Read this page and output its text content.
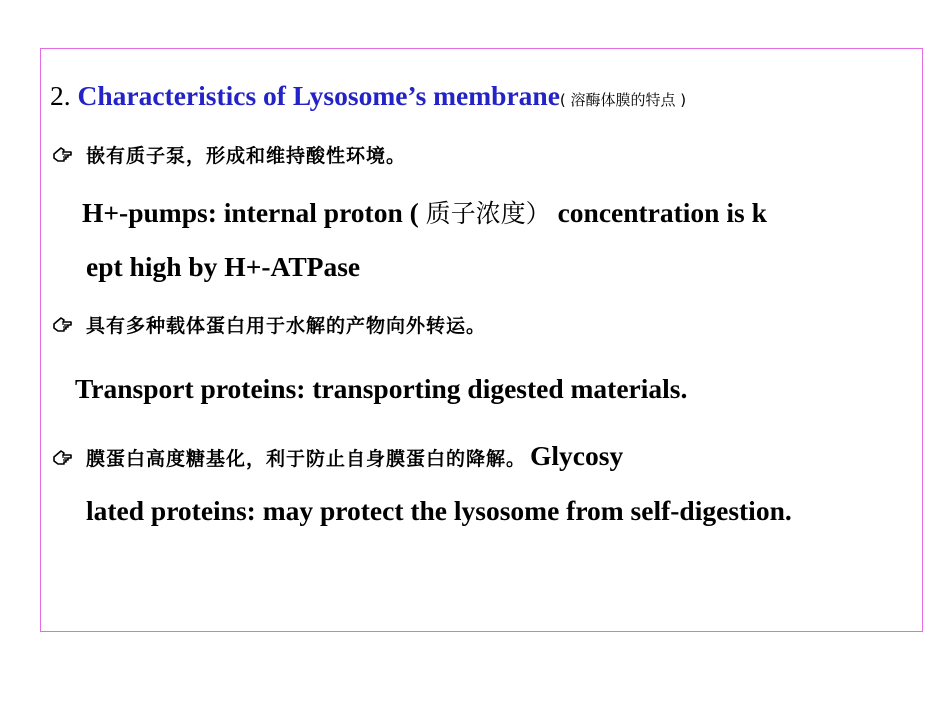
2. Characteristics of Lysosome’s membrane( 溶酶体膜的特点 )
嵌有质子泵，形成和维持酸性环境。
H+-pumps: internal proton ( 质子浓度） concentration is k
ept high by H+-ATPase
具有多种载体蛋白用于水解的产物向外转运。
Transport proteins: transporting digested materials.
膜蛋白高度糖基化，利于防止自身膜蛋白的降解。 Glycosy
lated proteins: may protect the lysosome from self-digestion.
